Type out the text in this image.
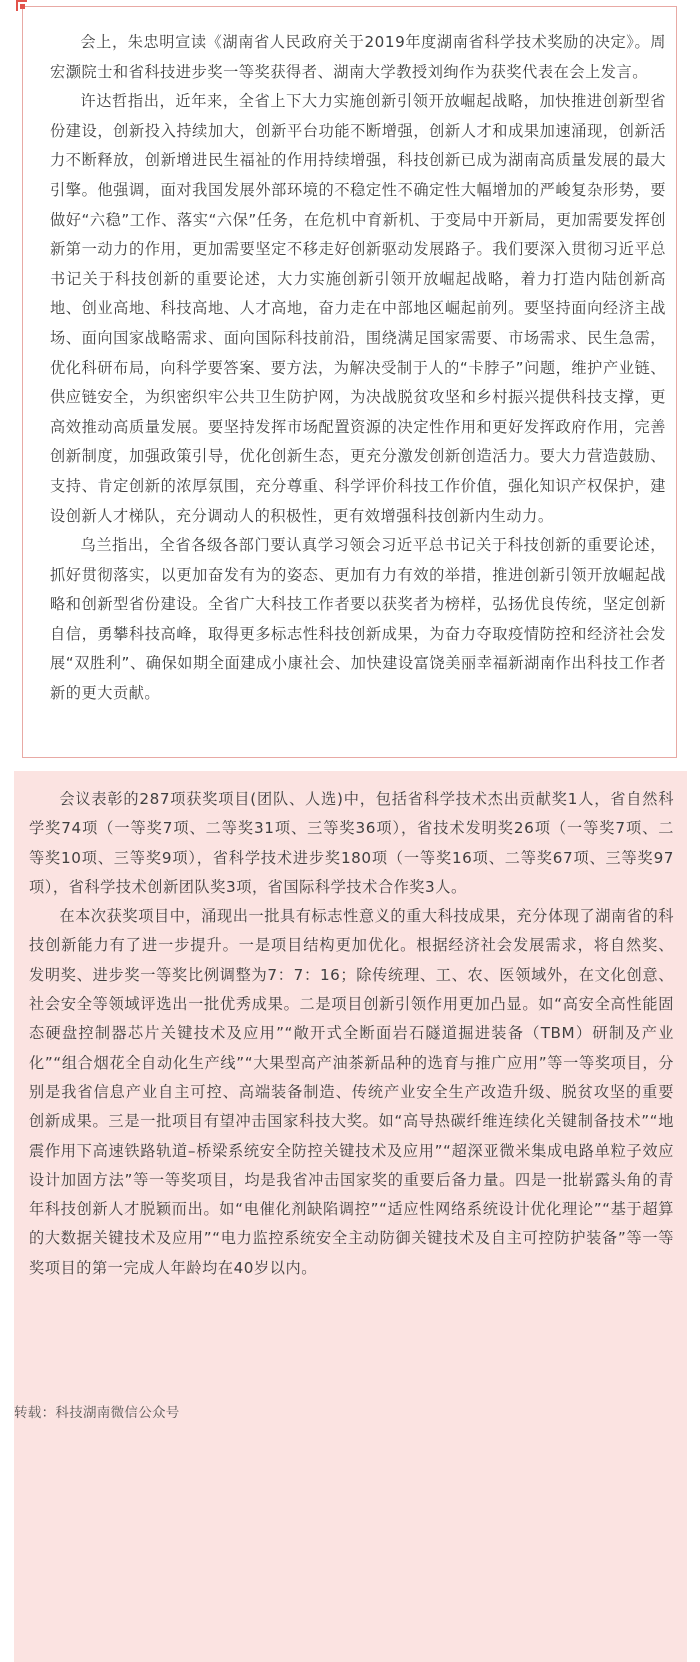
会上，朱忠明宣读《湖南省人民政府关于2019年度湖南省科学技术奖励的决定》。周宏灏院士和省科技进步奖一等奖获得者、湖南大学教授刘绚作为获奖代表在会上发言。

许达哲指出，近年来，全省上下大力实施创新引领开放崛起战略，加快推进创新型省份建设，创新投入持续加大，创新平台功能不断增强，创新人才和成果加速涌现，创新活力不断释放，创新增进民生福祉的作用持续增强，科技创新已成为湖南高质量发展的最大引擎。他强调，面对我国发展外部环境的不稳定性不确定性大幅增加的严峻复杂形势，要做好“六稳”工作、落实“六保”任务，在危机中育新机、于变局中开新局，更加需要发挥创新第一动力的作用，更加需要坚定不移走好创新驱动发展路子。我们要深入贯彻习近平总书记关于科技创新的重要论述，大力实施创新引领开放崛起战略，着力打造内陆创新高地、创业高地、科技高地、人才高地，奋力走在中部地区崛起前列。要坚持面向经济主战场、面向国家战略需求、面向国际科技前沿，围绕满足国家需要、市场需求、民生急需，优化科研布局，向科学要答案、要方法，为解决受制于人的“卡脖子”问题，维护产业链、供应链安全，为织密织牢公共卫生防护网，为决战脱贫攻坚和乡村振兴提供科技支撑，更高效推动高质量发展。要坚持发挥市场配置资源的决定性作用和更好发挥政府作用，完善创新制度，加强政策引导，优化创新生态，更充分激发创新创造活力。要大力营造鼓励、支持、肯定创新的浓厚氛围，充分尊重、科学评价科技工作价值，强化知识产权保护，建设创新人才梯队，充分调动人的积极性，更有效增强科技创新内生动力。

乌兰指出，全省各级各部门要认真学习领会习近平总书记关于科技创新的重要论述，抓好贯彻落实，以更加奋发有为的姿态、更加有力有效的举措，推进创新引领开放崛起战略和创新型省份建设。全省广大科技工作者要以获奖者为榜样，弘扬优良传统，坚定创新自信，勇攀科技高峰，取得更多标志性科技创新成果，为奋力夺取疫情防控和经济社会发展“双胜利”、确保如期全面建成小康社会、加快建设富饶美丽幸福新湖南作出科技工作者新的更大贡献。

会议表彰的287项获奖项目(团队、人选)中，包括省科学技术杰出贡献奖1人，省自然科学奖74项（一等奖7项、二等奖31项、三等奖36项），省技术发明奖26项（一等奖7项、二等奖10项、三等奖9项），省科学技术进步奖180项（一等奖16项、二等奖67项、三等奖97项），省科学技术创新团队奖3项，省国际科学技术合作奖3人。

在本次获奖项目中，涌现出一批具有标志性意义的重大科技成果，充分体现了湖南省的科技创新能力有了进一步提升。一是项目结构更加优化。根据经济社会发展需求，将自然奖、发明奖、进步奖一等奖比例调整为7：7：16；除传统理、工、农、医领域外，在文化创意、社会安全等领域评选出一批优秀成果。二是项目创新引领作用更加凸显。如“高安全高性能固态硬盘控制器芯片关键技术及应用”“敞开式全断面岩石隧道掘进装备（TBM）研制及产业化”“组合烟花全自动化生产线”“大果型高产油茶新品种的选育与推广应用”等一等奖项目，分别是我省信息产业自主可控、高端装备制造、传统产业安全生产改造升级、脱贫攻坚的重要创新成果。三是一批项目有望冲击国家科技大奖。如“高导热碳纤维连续化关键制备技术”“地震作用下高速铁路轨道–桥梁系统安全防控关键技术及应用”“超深亚微米集成电路单粒子效应设计加固方法”等一等奖项目，均是我省冲击国家奖的重要后备力量。四是一批崭露头角的青年科技创新人才脱颖而出。如“电催化剂缺陷调控”“适应性网络系统设计优化理论”“基于超算的大数据关键技术及应用”“电力监控系统安全主动防御关键技术及自主可控防护装备”等一等奖项目的第一完成人年龄均在40岁以内。

转载：科技湖南微信公众号
